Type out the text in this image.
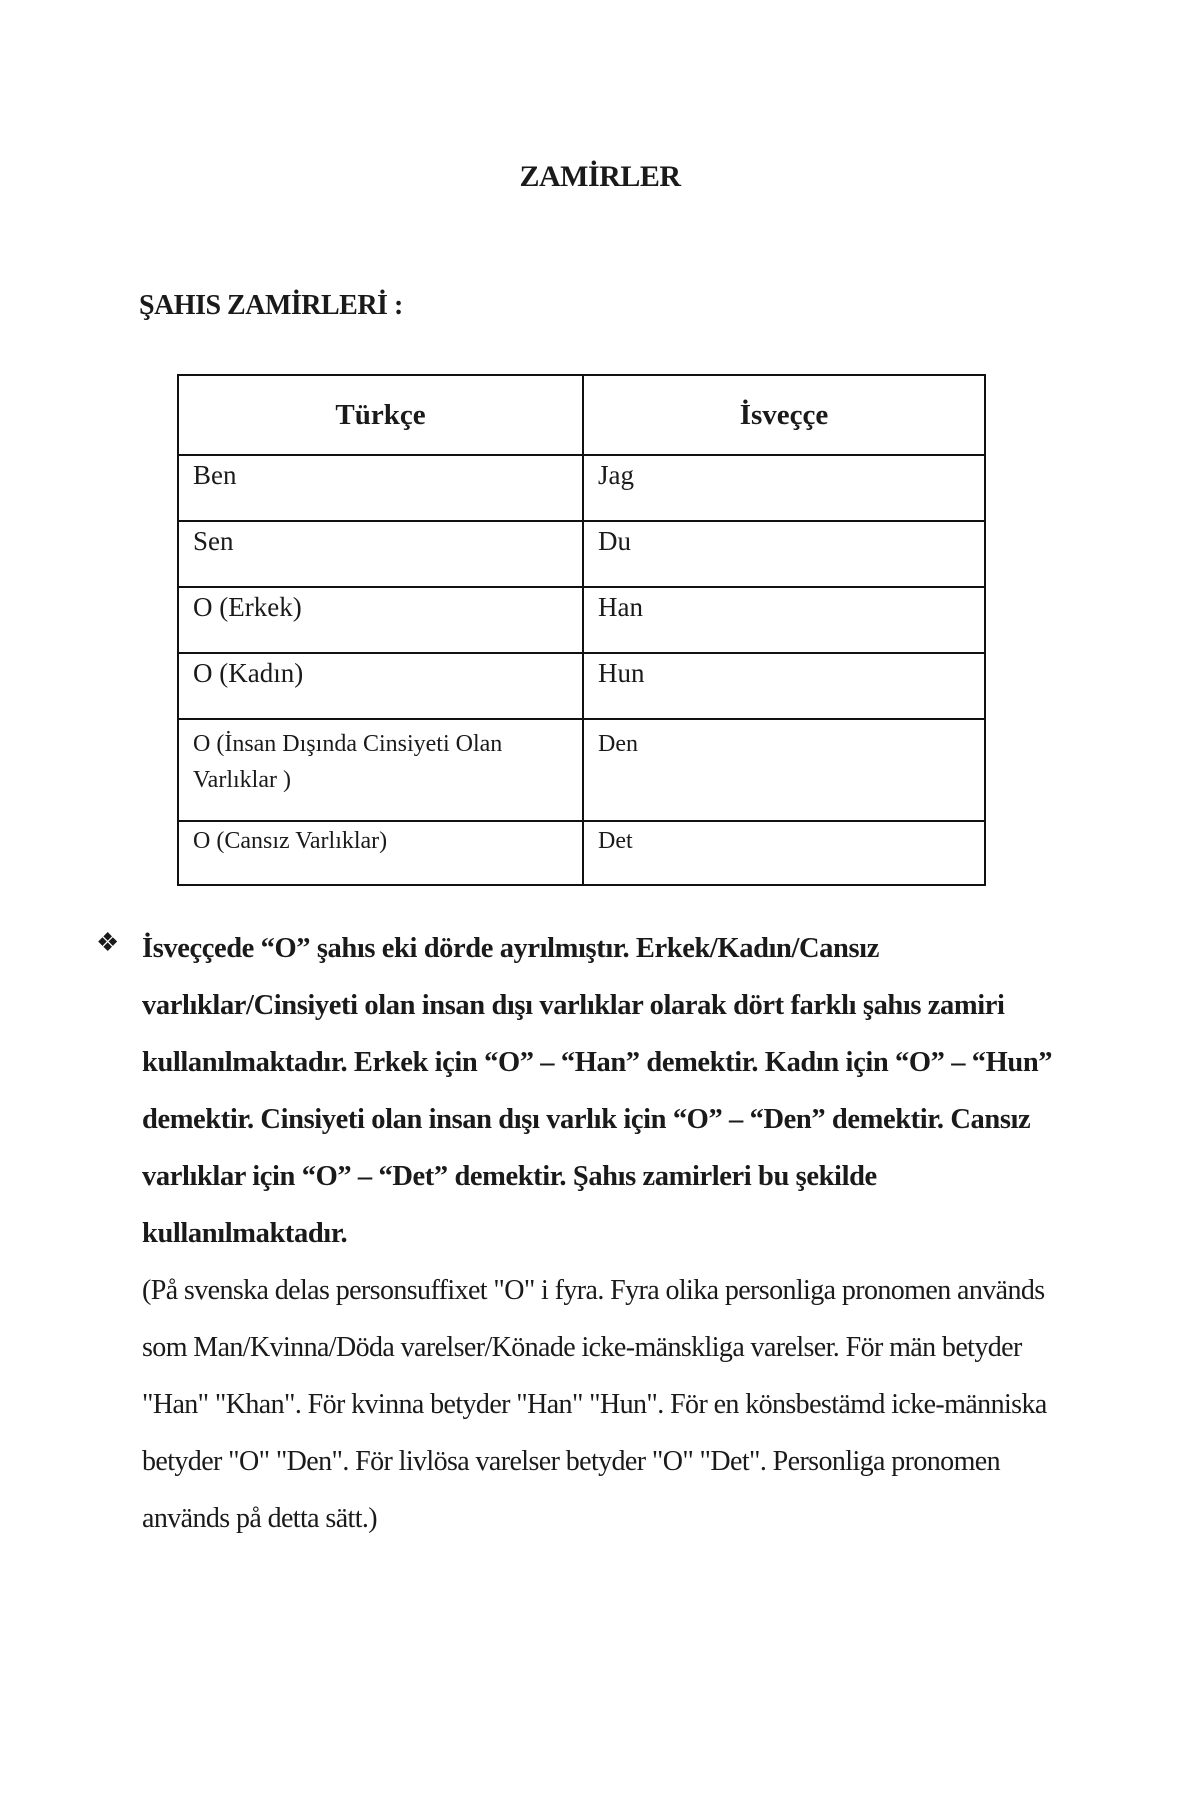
ZAMİRLER
ŞAHIS ZAMİRLERİ :
Türkçe	İsveççe
Ben	Jag
Sen	Du
O (Erkek)	Han
O (Kadın)	Hun
O (İnsan Dışında Cinsiyeti Olan Varlıklar )	Den
O (Cansız Varlıklar)	Det
❖ İsveççede “O” şahıs eki dörde ayrılmıştır. Erkek/Kadın/Cansız varlıklar/Cinsiyeti olan insan dışı varlıklar olarak dört farklı şahıs zamiri kullanılmaktadır. Erkek için “O” – “Han” demektir. Kadın için “O” – “Hun” demektir. Cinsiyeti olan insan dışı varlık için “O” – “Den” demektir. Cansız varlıklar için “O” – “Det” demektir. Şahıs zamirleri bu şekilde kullanılmaktadır.

(På svenska delas personsuffixet "O" i fyra. Fyra olika personliga pronomen används som Man/Kvinna/Döda varelser/Könade icke-mänskliga varelser. För män betyder "Han" "Khan". För kvinna betyder "Han" "Hun". För en könsbestämd icke-människa betyder "O" "Den". För livlösa varelser betyder "O" "Det". Personliga pronomen används på detta sätt.)
